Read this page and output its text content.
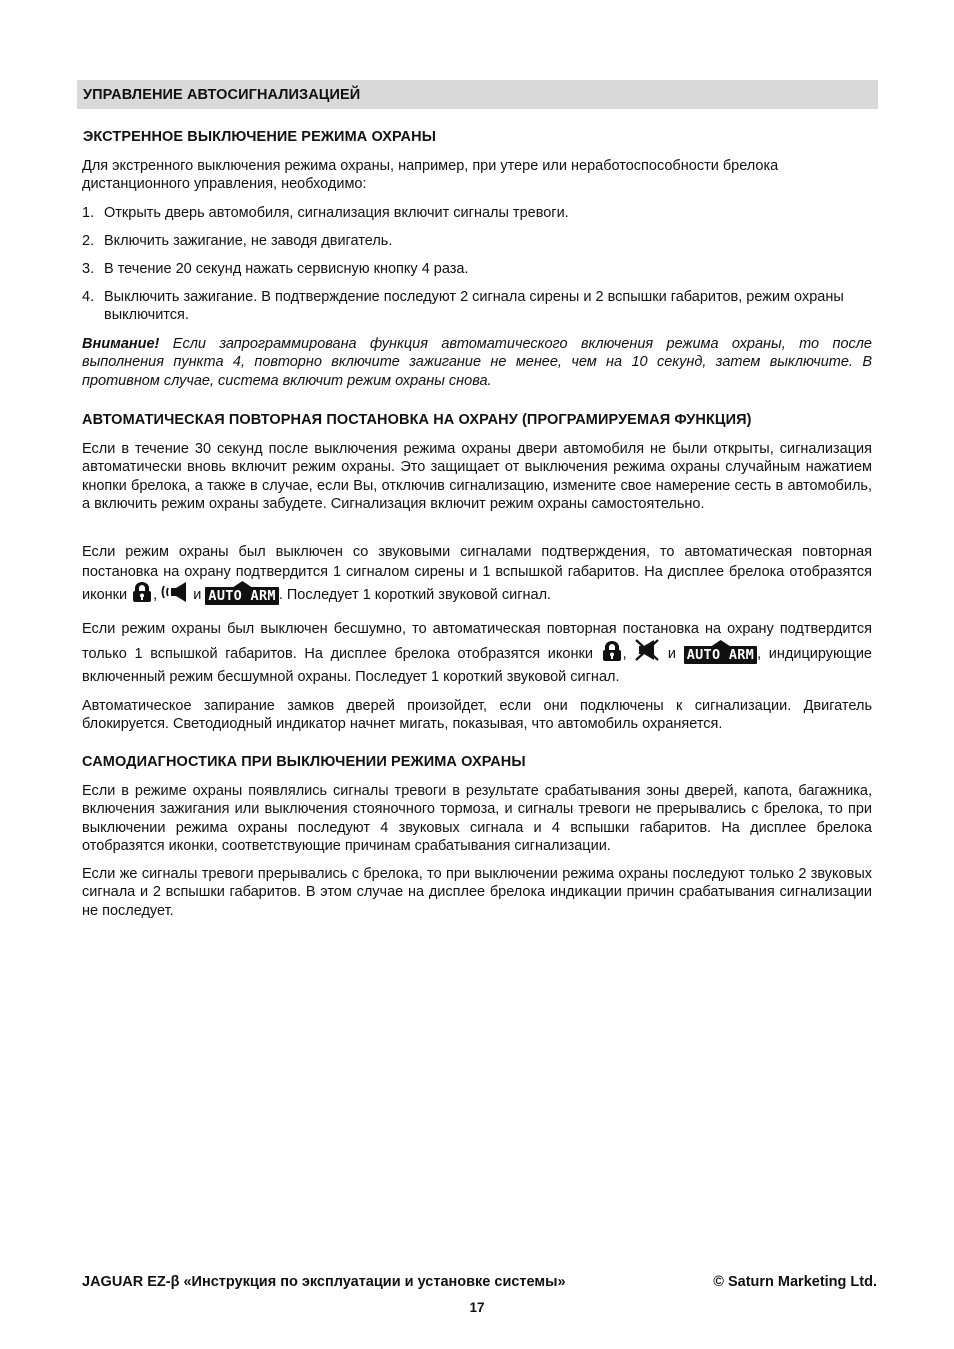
УПРАВЛЕНИЕ АВТОСИГНАЛИЗАЦИЕЙ
ЭКСТРЕННОЕ ВЫКЛЮЧЕНИЕ РЕЖИМА ОХРАНЫ
Для экстренного выключения режима охраны, например, при утере или неработоспособности брелока дистанционного управления, необходимо:
1. Открыть дверь автомобиля, сигнализация включит сигналы тревоги.
2. Включить зажигание, не заводя двигатель.
3. В течение 20 секунд нажать сервисную кнопку 4 раза.
4. Выключить зажигание. В подтверждение последуют 2 сигнала сирены и 2 вспышки габаритов, режим охраны выключится.
Внимание! Если запрограммирована функция автоматического включения режима охраны, то после выполнения пункта 4, повторно включите зажигание не менее, чем на 10 секунд, затем выключите. В противном случае, система включит режим охраны снова.
АВТОМАТИЧЕСКАЯ ПОВТОРНАЯ ПОСТАНОВКА НА ОХРАНУ (ПРОГРАМИРУЕМАЯ ФУНКЦИЯ)
Если в течение 30 секунд после выключения режима охраны двери автомобиля не были открыты, сигнализация автоматически вновь включит режим охраны. Это защищает от выключения режима охраны случайным нажатием кнопки брелока, а также в случае, если Вы, отключив сигнализацию, измените свое намерение сесть в автомобиль, а включить режим охраны забудете. Сигнализация включит режим охраны самостоятельно.
Если режим охраны был выключен со звуковыми сигналами подтверждения, то автоматическая повторная постановка на охрану подтвердится 1 сигналом сирены и 1 вспышкой габаритов. На дисплее брелока отобразятся иконки ,  и AUTO ARM . Последует 1 короткий звуковой сигнал.
Если режим охраны был выключен бесшумно, то автоматическая повторная постановка на охрану подтвердится только 1 вспышкой габаритов. На дисплее брелока отобразятся иконки ,  и AUTO ARM , индицирующие включенный режим бесшумной охраны. Последует 1 короткий звуковой сигнал.
Автоматическое запирание замков дверей произойдет, если они подключены к сигнализации. Двигатель блокируется. Светодиодный индикатор начнет мигать, показывая, что автомобиль охраняется.
САМОДИАГНОСТИКА ПРИ ВЫКЛЮЧЕНИИ РЕЖИМА ОХРАНЫ
Если в режиме охраны появлялись сигналы тревоги в результате срабатывания зоны дверей, капота, багажника, включения зажигания или выключения стояночного тормоза, и сигналы тревоги не прерывались с брелока, то при выключении режима охраны последуют 4 звуковых сигнала и 4 вспышки габаритов. На дисплее брелока отобразятся иконки, соответствующие причинам срабатывания сигнализации.
Если же сигналы тревоги прерывались с брелока, то при выключении режима охраны последуют только 2 звуковых сигнала и 2 вспышки габаритов. В этом случае на дисплее брелока индикации причин срабатывания сигнализации не последует.
JAGUAR EZ-β «Инструкция по эксплуатации и установке системы»	© Saturn Marketing Ltd.
17
